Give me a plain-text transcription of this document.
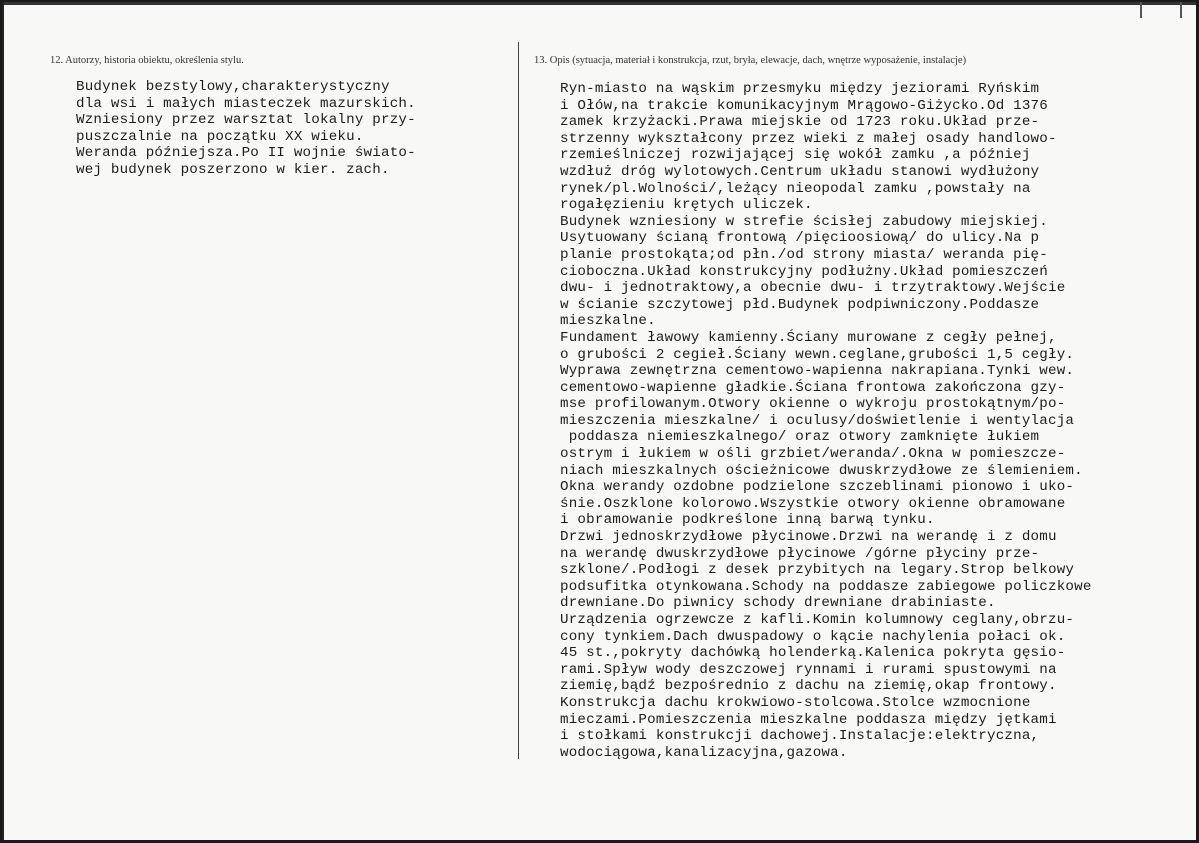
12. Autorzy, historia obiektu, określenia stylu.	13. Opis (sytuacja, materiał i konstrukcja, rzut, bryła, elewacje, dach, wnętrze wyposażenie, instalacje)
Budynek bezstylowy,charakterystyczny
dla wsi i małych miasteczek mazurskich.
Wzniesiony przez warsztat lokalny przy-
puszczalnie na początku XX wieku.
Weranda późniejsza.Po II wojnie świato-
wej budynek poszerzono w kier. zach.
Ryn-miasto na wąskim przesmyku między jeziorami Ryńskim
i Ołów,na trakcie komunikacyjnym Mrągowo-Giżycko.Od 1376
zamek krzyżacki.Prawa miejskie od 1723 roku.Układ prze-
strzenny wykształcony przez wieki z małej osady handlowo-
rzemieślniczej rozwijającej się wokół zamku ,a później
wzdłuż dróg wylotowych.Centrum układu stanowi wydłużony
rynek/pl.Wolności/,leżący nieopodal zamku ,powstały na
rogałęzieniu krętych uliczek.
Budynek wzniesiony w strefie ścisłej zabudowy miejskiej.
Usytuowany ścianą frontową /pięcioosiową/ do ulicy.Na p
planie prostokąta;od płn./od strony miasta/ weranda pię-
cioboczna.Układ konstrukcyjny podłużny.Układ pomieszczeń
dwu- i jednotraktowy,a obecnie dwu- i trzytraktowy.Wejście
w ścianie szczytowej płd.Budynek podpiwniczony.Poddasze
mieszkalne.
Fundament ławowy kamienny.Ściany murowane z cegły pełnej,
o grubości 2 cegieł.Ściany wewn.ceglane,grubości 1,5 cegły.
Wyprawa zewnętrzna cementowo-wapienna nakrapiana.Tynki wew.
cementowo-wapienne gładkie.Ściana frontowa zakończona gzy-
mse profilowanym.Otwory okienne o wykroju prostokątnym/po-
mieszczenia mieszkalne/ i oculusy/doświetlenie i wentylacja
poddasza niemieszkalnego/ oraz otwory zamknięte łukiem
ostrym i łukiem w ośli grzbiet/weranda/.Okna w pomieszcze-
niach mieszkalnych ościeżnicowe dwuskrzydłowe ze ślemieniem.
Okna werandy ozdobne podzielone szczeblinami pionowo i uko-
śnie.Oszklone kolorowo.Wszystkie otwory okienne obramowane
i obramowanie podkreślone inną barwą tynku.
Drzwi jednoskrzydłowe płycinowe.Drzwi na werandę i z domu
na werandę dwuskrzydłowe płycinowe /górne płyciny prze-
szklone/.Podłogi z desek przybitych na legary.Strop belkowy
podsufitka otynkowana.Schody na poddasze zabiegowe policzkowe
drewniane.Do piwnicy schody drewniane drabiniaste.
Urządzenia ogrzewcze z kafli.Komin kolumnowy ceglany,obrzu-
cony tynkiem.Dach dwuspadowy o kącie nachylenia połaci ok.
45 st.,pokryty dachówką holenderką.Kalenica pokryta gęsio-
rami.Spływ wody deszczowej rynnami i rurami spustowymi na
ziemię,bądź bezpośrednio z dachu na ziemię,okap frontowy.
Konstrukcja dachu krokwiowo-stolcowa.Stolce wzmocnione
mieczami.Pomieszczenia mieszkalne poddasza między jętkami
i stołkami konstrukcji dachowej.Instalacje:elektryczna,
wodociągowa,kanalizacyjna,gazowa.
